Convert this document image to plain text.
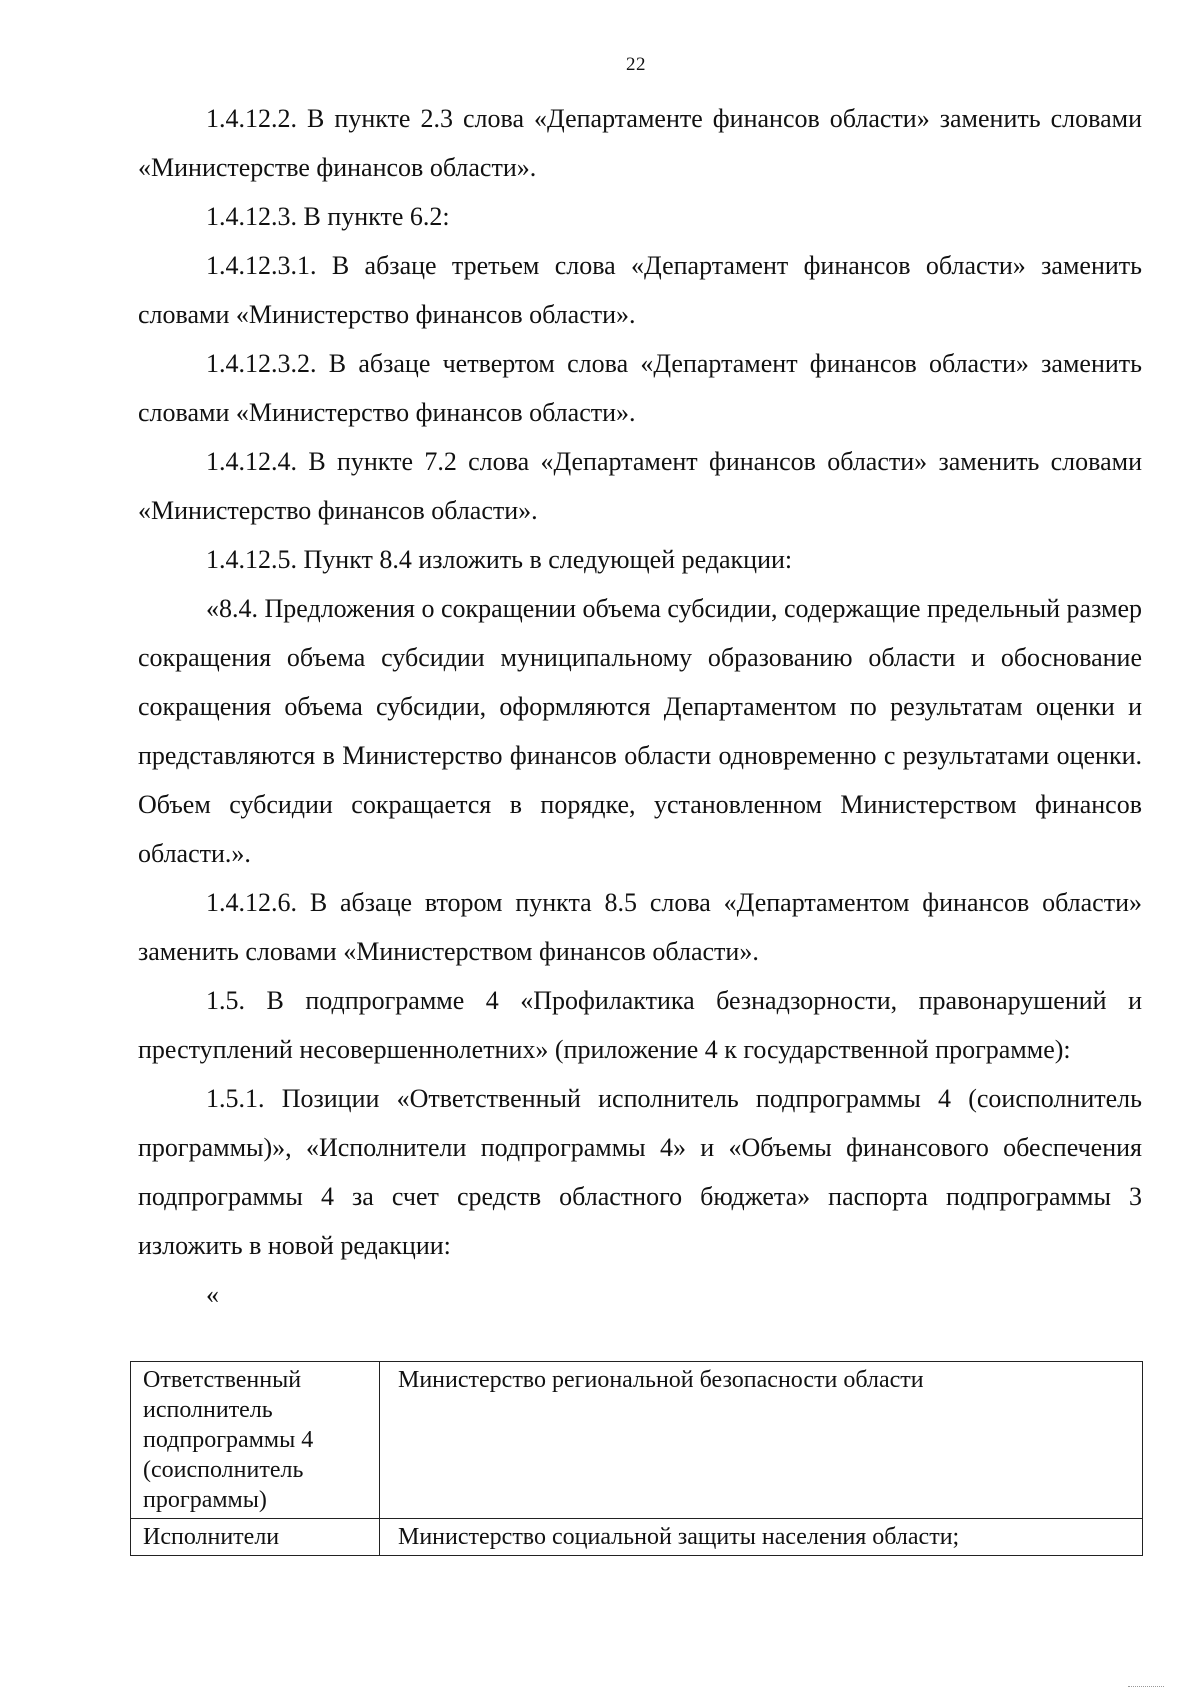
22

1.4.12.2. В пункте 2.3 слова «Департаменте финансов области» заменить словами «Министерстве финансов области».

1.4.12.3. В пункте 6.2:

1.4.12.3.1. В абзаце третьем слова «Департамент финансов области» заменить словами «Министерство финансов области».

1.4.12.3.2. В абзаце четвертом слова «Департамент финансов области» заменить словами «Министерство финансов области».

1.4.12.4. В пункте 7.2 слова «Департамент финансов области» заменить словами «Министерство финансов области».

1.4.12.5. Пункт 8.4 изложить в следующей редакции:

«8.4. Предложения о сокращении объема субсидии, содержащие предельный размер сокращения объема субсидии муниципальному образованию области и обоснование сокращения объема субсидии, оформляются Департаментом по результатам оценки и представляются в Министерство финансов области одновременно с результатами оценки. Объем субсидии сокращается в порядке, установленном Министерством финансов области.».

1.4.12.6. В абзаце втором пункта 8.5 слова «Департаментом финансов области» заменить словами «Министерством финансов области».

1.5. В подпрограмме 4 «Профилактика безнадзорности, правонарушений и преступлений несовершеннолетних» (приложение 4 к государственной программе):

1.5.1. Позиции «Ответственный исполнитель подпрограммы 4 (соисполнитель программы)», «Исполнители подпрограммы 4» и «Объемы финансового обеспечения подпрограммы 4 за счет средств областного бюджета» паспорта подпрограммы 3 изложить в новой редакции:

«

Ответственный исполнитель подпрограммы 4 (соисполнитель программы)	Министерство региональной безопасности области
Исполнители	Министерство социальной защиты населения области;
